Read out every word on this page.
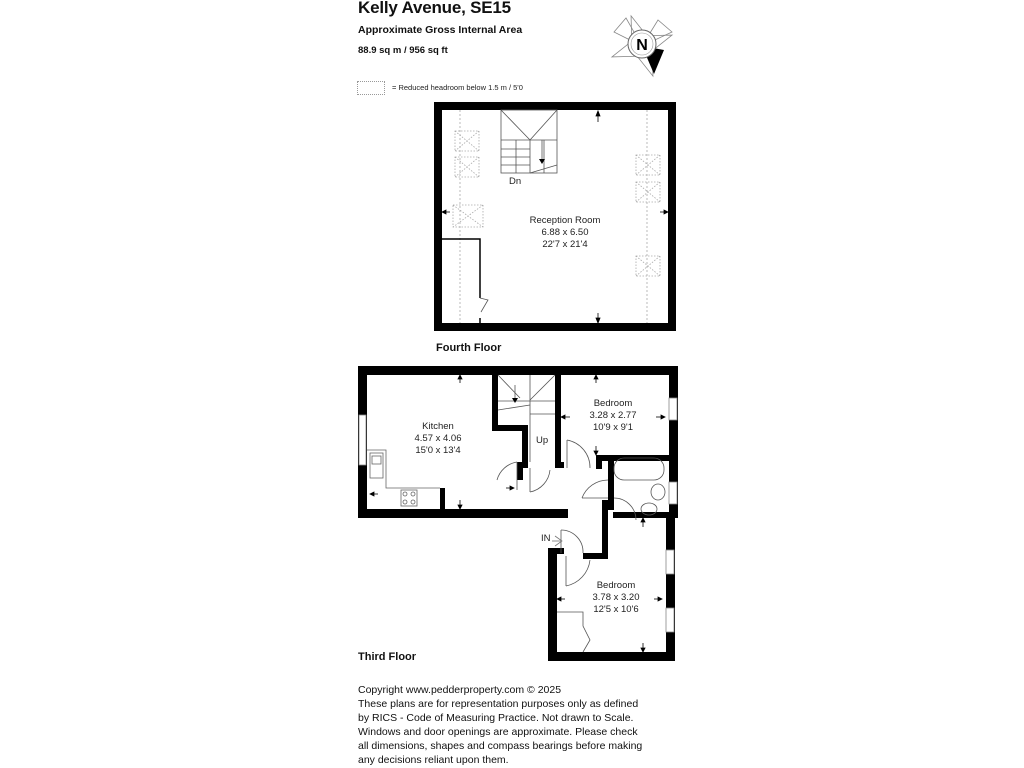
Kelly Avenue, SE15
Approximate Gross Internal Area
88.9 sq m / 956 sq ft
= Reduced headroom below 1.5 m / 5'0
N
Dn
Reception Room
6.88 x 6.50
22'7 x 21'4
Fourth Floor
Kitchen
4.57 x 4.06
15'0 x 13'4
Bedroom
3.28 x 2.77
10'9 x 9'1
Bedroom
3.78 x 3.20
12'5 x 10'6
Up
IN
Third Floor
Copyright www.pedderproperty.com © 2025
These plans are for representation purposes only as defined
by RICS - Code of Measuring Practice. Not drawn to Scale.
Windows and door openings are approximate. Please check
all dimensions, shapes and compass bearings before making
any decisions reliant upon them.
